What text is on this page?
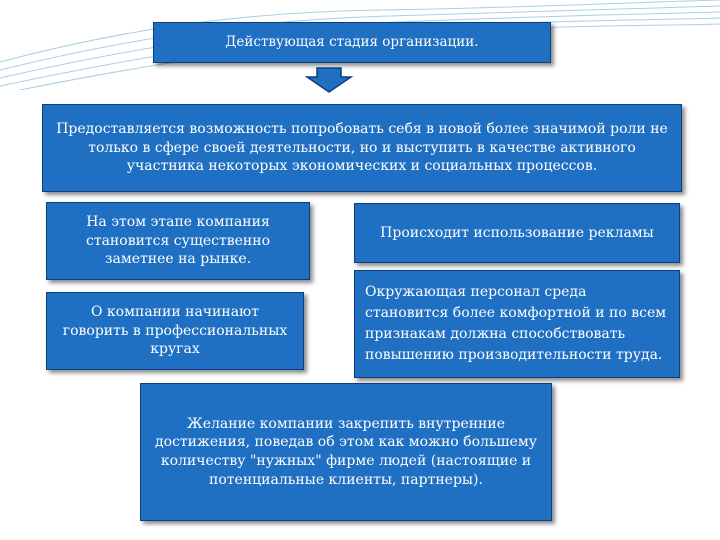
Действующая стадия организации.
Предоставляется возможность попробовать себя в новой более значимой роли не только в сфере своей деятельности, но и выступить в качестве активного участника некоторых экономических и социальных процессов.
На этом этапе компания становится существенно заметнее на рынке.
О компании начинают говорить в профессиональных кругах
Происходит использование рекламы
Окружающая персонал среда становится более комфортной и по всем признакам должна способствовать повышению производительности труда.
Желание компании закрепить внутренние достижения, поведав об этом как можно большему количеству "нужных" фирме людей (настоящие и потенциальные клиенты, партнеры).
